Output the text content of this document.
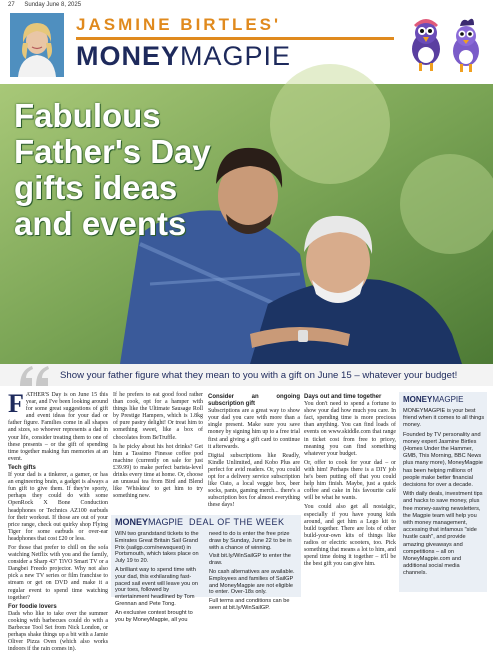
27 Sunday June 8, 2025
JASMINE BIRTLES'
MONEYMAGPIE
Fabulous Father's Day gifts ideas and events
Show your father figure what they mean to you with a gift on June 15 – whatever your budget!

FATHER'S Day is on June 15 this year, and I've been looking around for some great suggestions of gift and event ideas for your dad or father figure. Families come in all shapes and sizes, so whoever represents a dad in your life, consider treating them to one of these presents – or the gift of spending time together making fun memories at an event.

Tech gifts

If your dad is a tinkerer, a gamer, or has an engineering brain, a gadget is always a fun gift to give them. If they're sporty, perhaps they could do with some OpenRock X Bone Conduction headphones or Technics AZ100 earbuds for their workout. If those are out of your price range, check out quirky shop Flying Tiger for some earbuds or over-ear headphones that cost £20 or less.

For those that prefer to chill on the sofa watching Netflix with you and the family, consider a Sharp 43" TiVO Smart TV or a Dangbei Freedo projector. Why not also pick a new TV series or film franchise to stream or get on DVD and make it a regular event to spend time watching together?

For foodie lovers

Dads who like to take over the summer cooking with barbecues could do with a Barbecue Tool Set from Nick London, or perhaps shake things up a bit with a Jamie Oliver Pizza Oven (which also works indoors if the rain comes in).

If he prefers to eat good food rather than cook, opt for a hamper with things like the Ultimate Sausage Roll by Prestige Hampers, which is 1.8kg of pure pastry delight! Or treat him to something sweet, like a box of chocolates from BeTruffle.

Is he picky about his hot drinks? Get him a Tassimo Finesse coffee pod machine (currently on sale for just £39.99) to make perfect barista-level drinks every time at home. Or, choose an unusual tea from Bird and Blend like 'Whisktea' to get him to try something new.

Consider an ongoing subscription gift

Subscriptions are a great way to show your dad you care with more than a single present. Make sure you save money by signing him up to a free trial first and giving a gift card to continue it afterwards.

Digital subscriptions like Readly, Kindle Unlimited, and Kobo Plus are perfect for avid readers. Or, you could opt for a delivery service subscription like Oato, a local veggie box, beer socks, pants, gaming merch... there's a subscription box for almost everything these days!

Days out and time together

You don't need to spend a fortune to show your dad how much you care. In fact, spending time is more precious than anything. You can find loads of events on www.skiddle.com that range in ticket cost from free to pricey, meaning you can find something whatever your budget.

Or, offer to cook for your dad – or with him! Perhaps there is a DIY job he's been putting off that you could help him finish. Maybe, just a quick coffee and cake in his favourite café will be what he wants.

You could also get all nostalgic, especially if you have young kids around, and get him a Lego kit to build together. There are lots of other build-your-own kits of things like radios or electric scooters, too. Pick something that means a lot to him, and spend time doing it together – it'll be the best gift you can give him.

MONEYMAGPIE DEAL OF THE WEEK

WIN two grandstand tickets to the Emirates Great Britain Sail Grand Prix (sailgp.com/newsquest) in Portsmouth, which takes place on July 19 to 20.

A brilliant way to spend time with your dad, this exhilarating fast-paced sail event will leave you on your toes, followed by entertainment headlined by Tom Grennan and Pete Tong.

An exclusive contest brought to you by MoneyMagpie, all you

need to do is enter the free prize draw by Sunday, June 22 to be in with a chance of winning.

Visit bit.ly/WinSailGP to enter the draw.

No cash alternatives are available. Employees and families of SailGP and MoneyMagpie are not eligible to enter. Over-18s only.

Full terms and conditions can be seen at bit.ly/WinSailGP.

MONEYMAGPIE

MONEYMAGPIE is your best friend when it comes to all things money.

Founded by TV personality and money expert Jasmine Birtles (Homes Under the Hammer, GMB, This Morning, BBC News plus many more), MoneyMagpie has been helping millions of people make better financial decisions for over a decade.

With daily deals, investment tips and hacks to save money, plus free money-saving newsletters, the Magpie team will help you with money management, accessing that infamous "side hustle cash", and provide amazing giveaways and competitions – all on MoneyMagpie.com and additional social media channels.
